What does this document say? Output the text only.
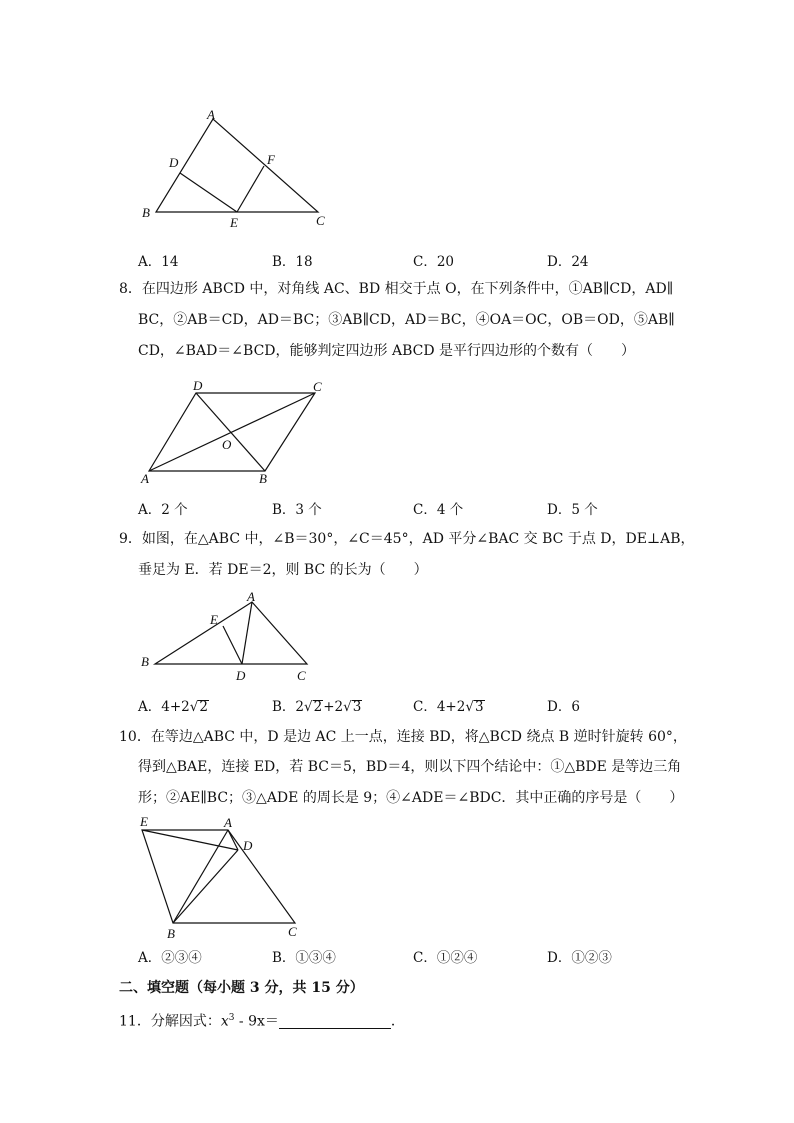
A
D	F
B
E	C
A．14	B．18	C．20	D．24
8．在四边形 ABCD 中，对角线 AC、BD 相交于点 O，在下列条件中，①AB∥CD，AD∥
BC，②AB＝CD，AD＝BC；③AB∥CD，AD＝BC，④OA＝OC，OB＝OD，⑤AB∥
CD，∠BAD＝∠BCD，能够判定四边形 ABCD 是平行四边形的个数有（　　）
D	C
O
A	B
A．2 个	B．3 个	C．4 个	D．5 个
9．如图，在△ABC 中，∠B＝30°，∠C＝45°，AD 平分∠BAC 交 BC 于点 D，DE⊥AB，
垂足为 E．若 DE＝2，则 BC 的长为（　　）
A
E
B
D	C
A．4+2√2	B．2√2+2√3	C．4+2√3	D．6
10．在等边△ABC 中，D 是边 AC 上一点，连接 BD，将△BCD 绕点 B 逆时针旋转 60°，
得到△BAE，连接 ED，若 BC＝5，BD＝4，则以下四个结论中：①△BDE 是等边三角
形；②AE∥BC；③△ADE 的周长是 9；④∠ADE＝∠BDC．其中正确的序号是（　　）
E	A
D
B	C
A．②③④	B．①③④	C．①②④	D．①②③
二、填空题（每小题 3 分，共 15 分）
11．分解因式：$x^3 - 9x=$	．
